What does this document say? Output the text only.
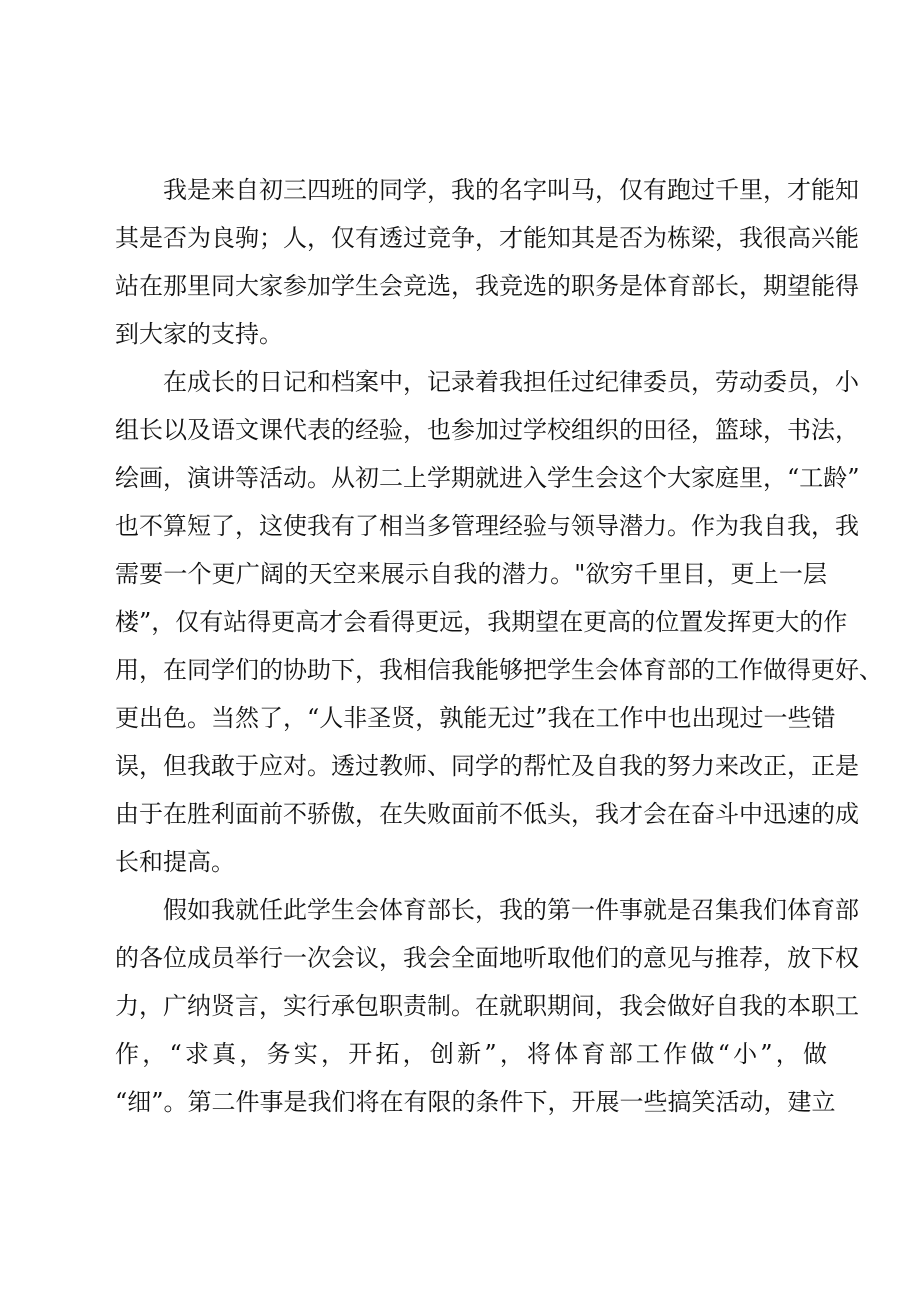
我是来自初三四班的同学，我的名字叫马，仅有跑过千里，才能知
其是否为良驹；人，仅有透过竞争，才能知其是否为栋梁，我很高兴能
站在那里同大家参加学生会竞选，我竞选的职务是体育部长，期望能得
到大家的支持。
在成长的日记和档案中，记录着我担任过纪律委员，劳动委员，小
组长以及语文课代表的经验，也参加过学校组织的田径，篮球，书法，
绘画，演讲等活动。从初二上学期就进入学生会这个大家庭里，“工龄”
也不算短了，这使我有了相当多管理经验与领导潜力。作为我自我，我
需要一个更广阔的天空来展示自我的潜力。"欲穷千里目，更上一层
楼”，仅有站得更高才会看得更远，我期望在更高的位置发挥更大的作
用，在同学们的协助下，我相信我能够把学生会体育部的工作做得更好、
更出色。当然了，“人非圣贤，孰能无过”我在工作中也出现过一些错
误，但我敢于应对。透过教师、同学的帮忙及自我的努力来改正，正是
由于在胜利面前不骄傲，在失败面前不低头，我才会在奋斗中迅速的成
长和提高。
假如我就任此学生会体育部长，我的第一件事就是召集我们体育部
的各位成员举行一次会议，我会全面地听取他们的意见与推荐，放下权
力，广纳贤言，实行承包职责制。在就职期间，我会做好自我的本职工
作，“求真，务实，开拓，创新”，将体育部工作做“小”，做
“细”。第二件事是我们将在有限的条件下，开展一些搞笑活动，建立
